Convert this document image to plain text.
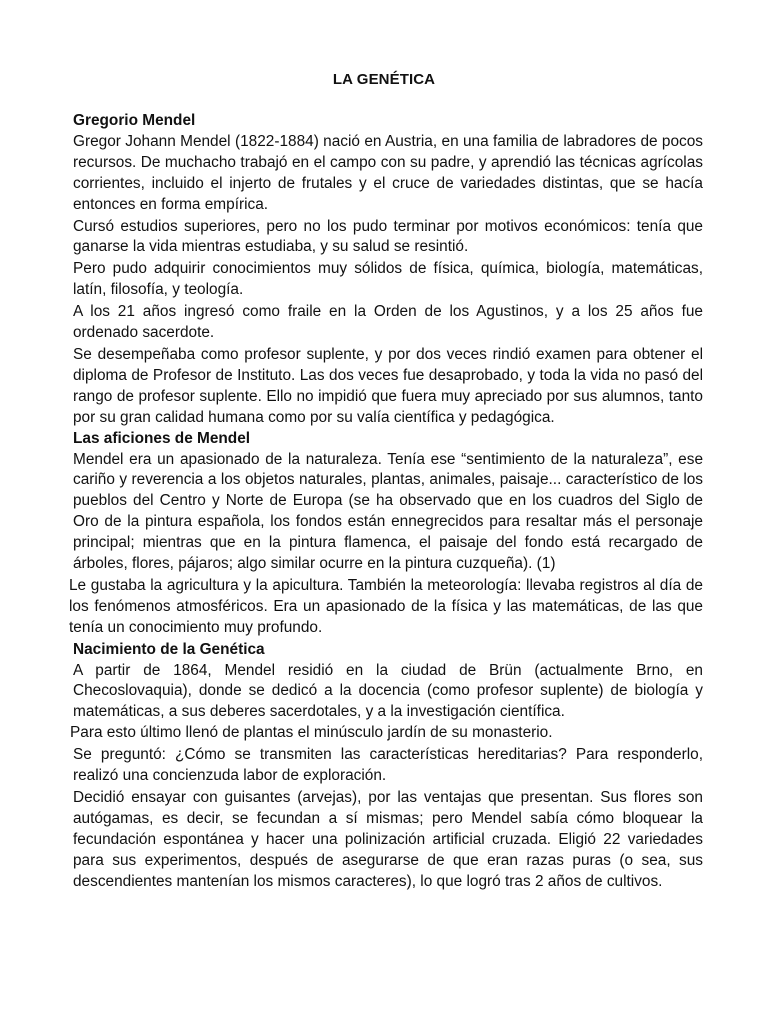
LA GENÉTICA
Gregorio Mendel

Gregor Johann Mendel (1822-1884) nació en Austria, en una familia de labradores de pocos recursos. De muchacho trabajó en el campo con su padre, y aprendió las técnicas agrícolas corrientes, incluido el injerto de frutales y el cruce de variedades distintas, que se hacía entonces en forma empírica.

Cursó estudios superiores, pero no los pudo terminar por motivos económicos: tenía que ganarse la vida mientras estudiaba, y su salud se resintió.

Pero pudo adquirir conocimientos muy sólidos de física, química, biología, matemáticas, latín, filosofía, y teología.

A los 21 años ingresó como fraile en la Orden de los Agustinos, y a los 25 años fue ordenado sacerdote.

Se desempeñaba como profesor suplente, y por dos veces rindió examen para obtener el diploma de Profesor de Instituto. Las dos veces fue desaprobado, y toda la vida no pasó del rango de profesor suplente. Ello no impidió que fuera muy apreciado por sus alumnos, tanto por su gran calidad humana como por su valía científica y pedagógica.

Las aficiones de Mendel

Mendel era un apasionado de la naturaleza. Tenía ese “sentimiento de la naturaleza”, ese cariño y reverencia a los objetos naturales, plantas, animales, paisaje... característico de los pueblos del Centro y Norte de Europa (se ha observado que en los cuadros del Siglo de Oro de la pintura española, los fondos están ennegrecidos para resaltar más el personaje principal; mientras que en la pintura flamenca, el paisaje del fondo está recargado de árboles, flores, pájaros; algo similar ocurre en la pintura cuzqueña). (1)

Le gustaba la agricultura y la apicultura. También la meteorología: llevaba registros al día de los fenómenos atmosféricos. Era un apasionado de la física y las matemáticas, de las que tenía un conocimiento muy profundo.

Nacimiento de la Genética

A partir de 1864, Mendel residió en la ciudad de Brün (actualmente Brno, en Checoslovaquia), donde se dedicó a la docencia (como profesor suplente) de biología y matemáticas, a sus deberes sacerdotales, y a la investigación científica.

Para esto último llenó de plantas el minúsculo jardín de su monasterio.

Se preguntó: ¿Cómo se transmiten las características hereditarias? Para responderlo, realizó una concienzuda labor de exploración.

Decidió ensayar con guisantes (arvejas), por las ventajas que presentan. Sus flores son autógamas, es decir, se fecundan a sí mismas; pero Mendel sabía cómo bloquear la fecundación espontánea y hacer una polinización artificial cruzada. Eligió 22 variedades para sus experimentos, después de asegurarse de que eran razas puras (o sea, sus descendientes mantenían los mismos caracteres), lo que logró tras 2 años de cultivos.
